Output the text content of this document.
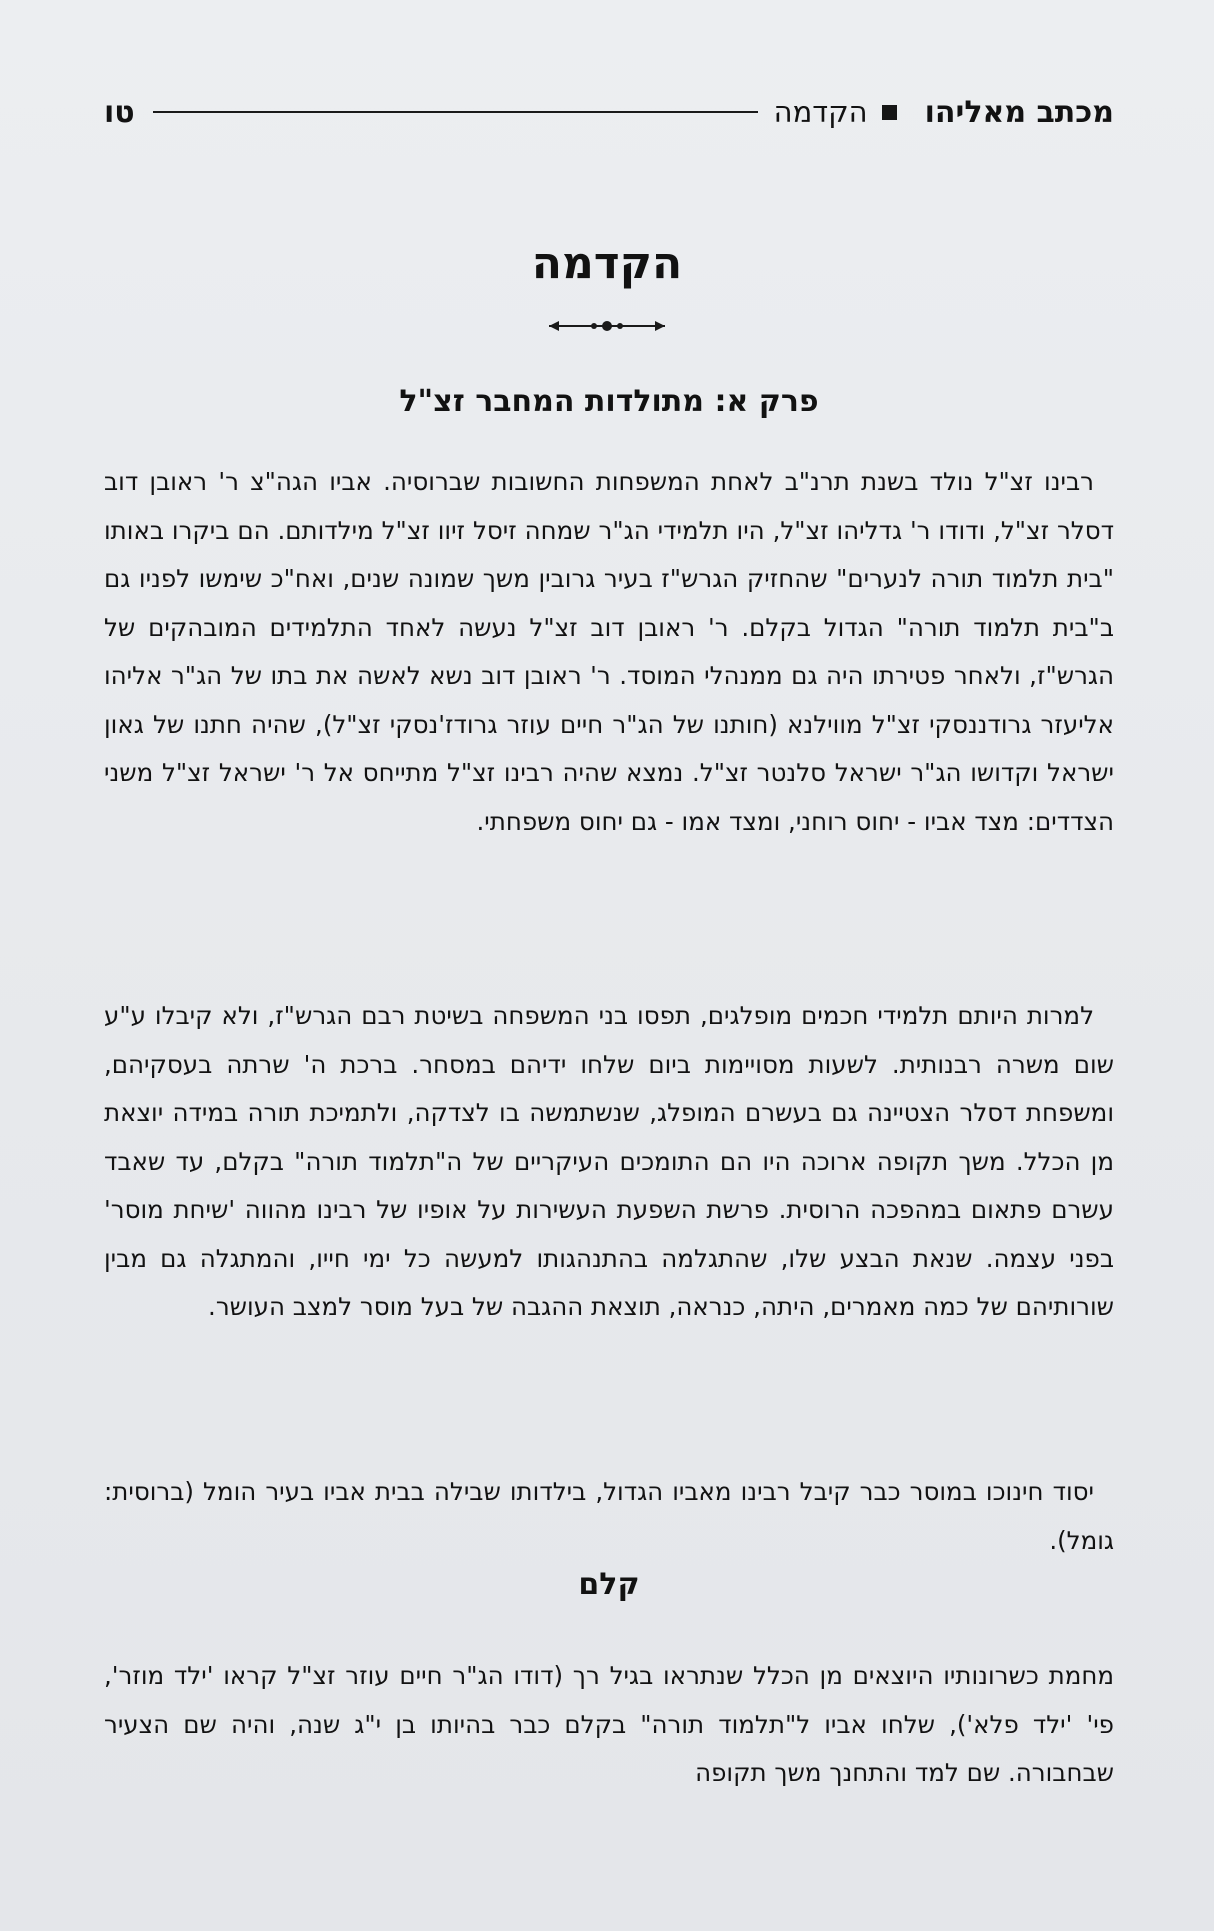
מכתב מאליהו
הקדמה
טו
הקדמה
פרק א: מתולדות המחבר זצ"ל

רבינו זצ"ל נולד בשנת תרנ"ב לאחת המשפחות החשובות שברוסיה. אביו הגה"צ ר' ראובן דוב דסלר זצ"ל, ודודו ר' גדליהו זצ"ל, היו תלמידי הג"ר שמחה זיסל זיוו זצ"ל מילדותם. הם ביקרו באותו "בית תלמוד תורה לנערים" שהחזיק הגרש"ז בעיר גרובין משך שמונה שנים, ואח"כ שימשו לפניו גם ב"בית תלמוד תורה" הגדול בקלם. ר' ראובן דוב זצ"ל נעשה לאחד התלמידים המובהקים של הגרש"ז, ולאחר פטירתו היה גם ממנהלי המוסד. ר' ראובן דוב נשא לאשה את בתו של הג"ר אליהו אליעזר גרודננסקי זצ"ל מווילנא (חותנו של הג"ר חיים עוזר גרודז'נסקי זצ"ל), שהיה חתנו של גאון ישראל וקדושו הג"ר ישראל סלנטר זצ"ל. נמצא שהיה רבינו זצ"ל מתייחס אל ר' ישראל זצ"ל משני הצדדים: מצד אביו - יחוס רוחני, ומצד אמו - גם יחוס משפחתי.

למרות היותם תלמידי חכמים מופלגים, תפסו בני המשפחה בשיטת רבם הגרש"ז, ולא קיבלו ע"ע שום משרה רבנותית. לשעות מסויימות ביום שלחו ידיהם במסחר. ברכת ה' שרתה בעסקיהם, ומשפחת דסלר הצטיינה גם בעשרם המופלג, שנשתמשה בו לצדקה, ולתמיכת תורה במידה יוצאת מן הכלל. משך תקופה ארוכה היו הם התומכים העיקריים של ה"תלמוד תורה" בקלם, עד שאבד עשרם פתאום במהפכה הרוסית. פרשת השפעת העשירות על אופיו של רבינו מהווה 'שיחת מוסר' בפני עצמה. שנאת הבצע שלו, שהתגלמה בהתנהגותו למעשה כל ימי חייו, והמתגלה גם מבין שורותיהם של כמה מאמרים, היתה, כנראה, תוצאת ההגבה של בעל מוסר למצב העושר.

יסוד חינוכו במוסר כבר קיבל רבינו מאביו הגדול, בילדותו שבילה בבית אביו בעיר הומל (ברוסית: גומל).

קלם

מחמת כשרונותיו היוצאים מן הכלל שנתראו בגיל רך (דודו הג"ר חיים עוזר זצ"ל קראו 'ילד מוזר', פי' 'ילד פלא'), שלחו אביו ל"תלמוד תורה" בקלם כבר בהיותו בן י"ג שנה, והיה שם הצעיר שבחבורה. שם למד והתחנך משך תקופה
